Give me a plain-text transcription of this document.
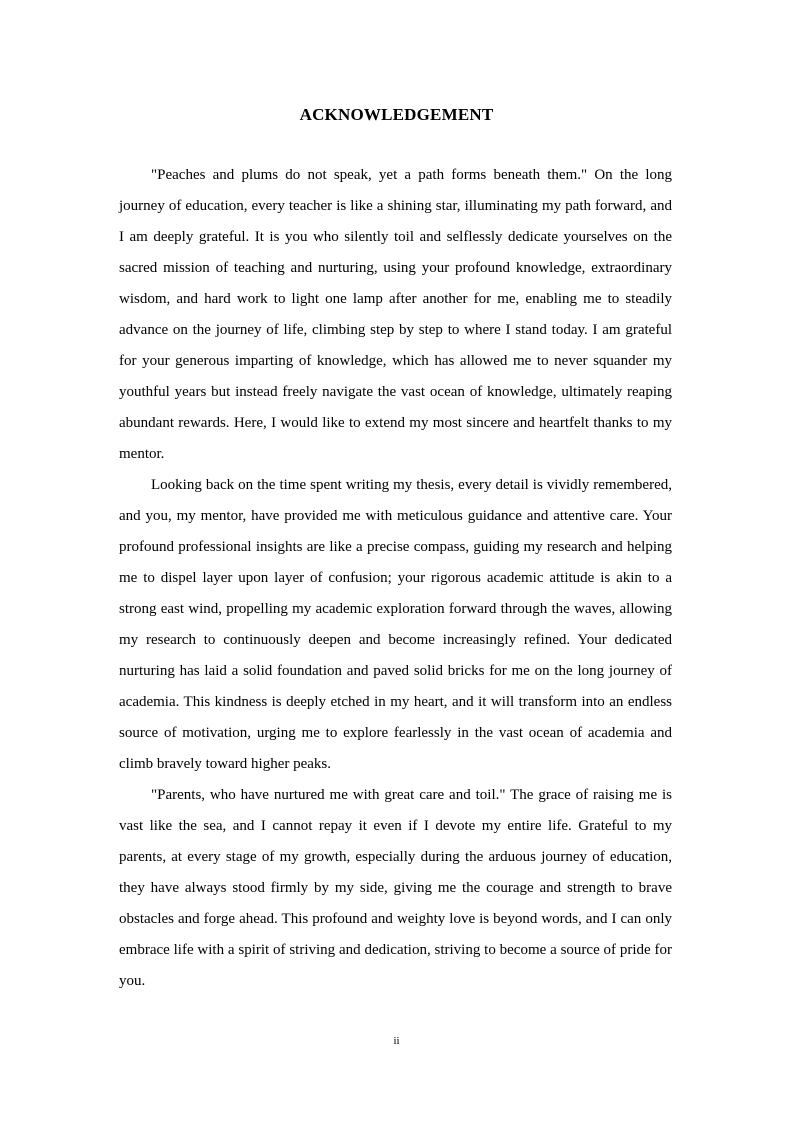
ACKNOWLEDGEMENT

"Peaches and plums do not speak, yet a path forms beneath them." On the long journey of education, every teacher is like a shining star, illuminating my path forward, and I am deeply grateful. It is you who silently toil and selflessly dedicate yourselves on the sacred mission of teaching and nurturing, using your profound knowledge, extraordinary wisdom, and hard work to light one lamp after another for me, enabling me to steadily advance on the journey of life, climbing step by step to where I stand today. I am grateful for your generous imparting of knowledge, which has allowed me to never squander my youthful years but instead freely navigate the vast ocean of knowledge, ultimately reaping abundant rewards. Here, I would like to extend my most sincere and heartfelt thanks to my mentor.

Looking back on the time spent writing my thesis, every detail is vividly remembered, and you, my mentor, have provided me with meticulous guidance and attentive care. Your profound professional insights are like a precise compass, guiding my research and helping me to dispel layer upon layer of confusion; your rigorous academic attitude is akin to a strong east wind, propelling my academic exploration forward through the waves, allowing my research to continuously deepen and become increasingly refined. Your dedicated nurturing has laid a solid foundation and paved solid bricks for me on the long journey of academia. This kindness is deeply etched in my heart, and it will transform into an endless source of motivation, urging me to explore fearlessly in the vast ocean of academia and climb bravely toward higher peaks.

"Parents, who have nurtured me with great care and toil." The grace of raising me is vast like the sea, and I cannot repay it even if I devote my entire life. Grateful to my parents, at every stage of my growth, especially during the arduous journey of education, they have always stood firmly by my side, giving me the courage and strength to brave obstacles and forge ahead. This profound and weighty love is beyond words, and I can only embrace life with a spirit of striving and dedication, striving to become a source of pride for you.

ii
